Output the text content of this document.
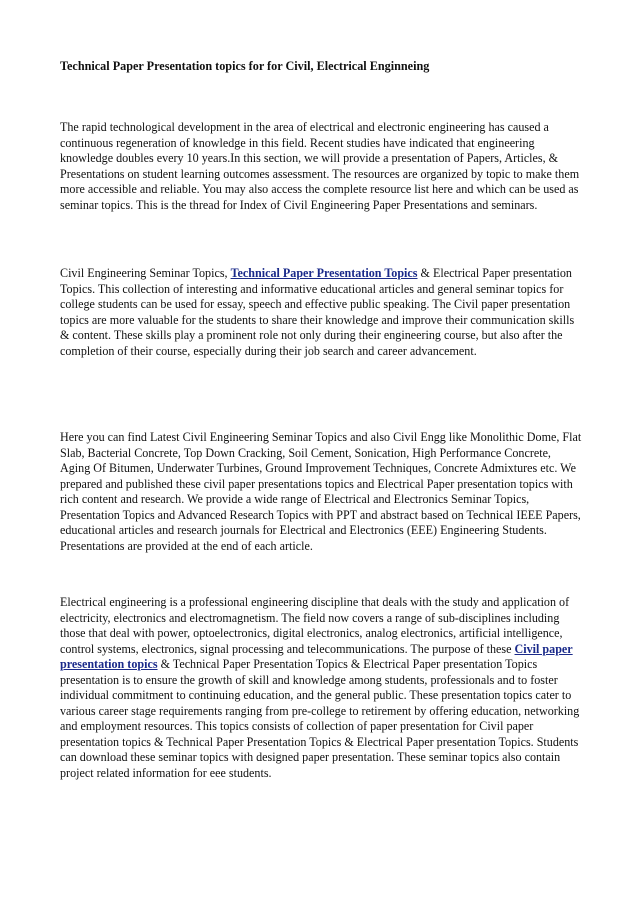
Technical Paper Presentation topics for for Civil, Electrical Enginneing

The rapid technological development in the area of electrical and electronic engineering has caused a continuous regeneration of knowledge in this field. Recent studies have indicated that engineering knowledge doubles every 10 years.In this section, we will provide a presentation of Papers, Articles, & Presentations on student learning outcomes assessment. The resources are organized by topic to make them more accessible and reliable. You may also access the complete resource list here and which can be used as seminar topics. This is the thread for Index of Civil Engineering Paper Presentations and seminars.

Civil Engineering Seminar Topics, Technical Paper Presentation Topics & Electrical Paper presentation Topics. This collection of interesting and informative educational articles and general seminar topics for college students can be used for essay, speech and effective public speaking. The Civil paper presentation topics are more valuable for the students to share their knowledge and improve their communication skills & content. These skills play a prominent role not only during their engineering course, but also after the completion of their course, especially during their job search and career advancement.

Here you can find Latest Civil Engineering Seminar Topics and also Civil Engg like Monolithic Dome, Flat Slab, Bacterial Concrete, Top Down Cracking, Soil Cement, Sonication, High Performance Concrete, Aging Of Bitumen, Underwater Turbines, Ground Improvement Techniques, Concrete Admixtures etc. We prepared and published these civil paper presentations topics and Electrical Paper presentation topics with rich content and research. We provide a wide range of Electrical and Electronics Seminar Topics, Presentation Topics and Advanced Research Topics with PPT and abstract based on Technical IEEE Papers, educational articles and research journals for Electrical and Electronics (EEE) Engineering Students. Presentations are provided at the end of each article.

Electrical engineering is a professional engineering discipline that deals with the study and application of electricity, electronics and electromagnetism. The field now covers a range of sub-disciplines including those that deal with power, optoelectronics, digital electronics, analog electronics, artificial intelligence, control systems, electronics, signal processing and telecommunications. The purpose of these Civil paper presentation topics & Technical Paper Presentation Topics & Electrical Paper presentation Topics presentation is to ensure the growth of skill and knowledge among students, professionals and to foster individual commitment to continuing education, and the general public. These presentation topics cater to various career stage requirements ranging from pre-college to retirement by offering education, networking and employment resources. This topics consists of collection of paper presentation for Civil paper presentation topics & Technical Paper Presentation Topics & Electrical Paper presentation Topics. Students can download these seminar topics with designed paper presentation. These seminar topics also contain project related information for eee students.
